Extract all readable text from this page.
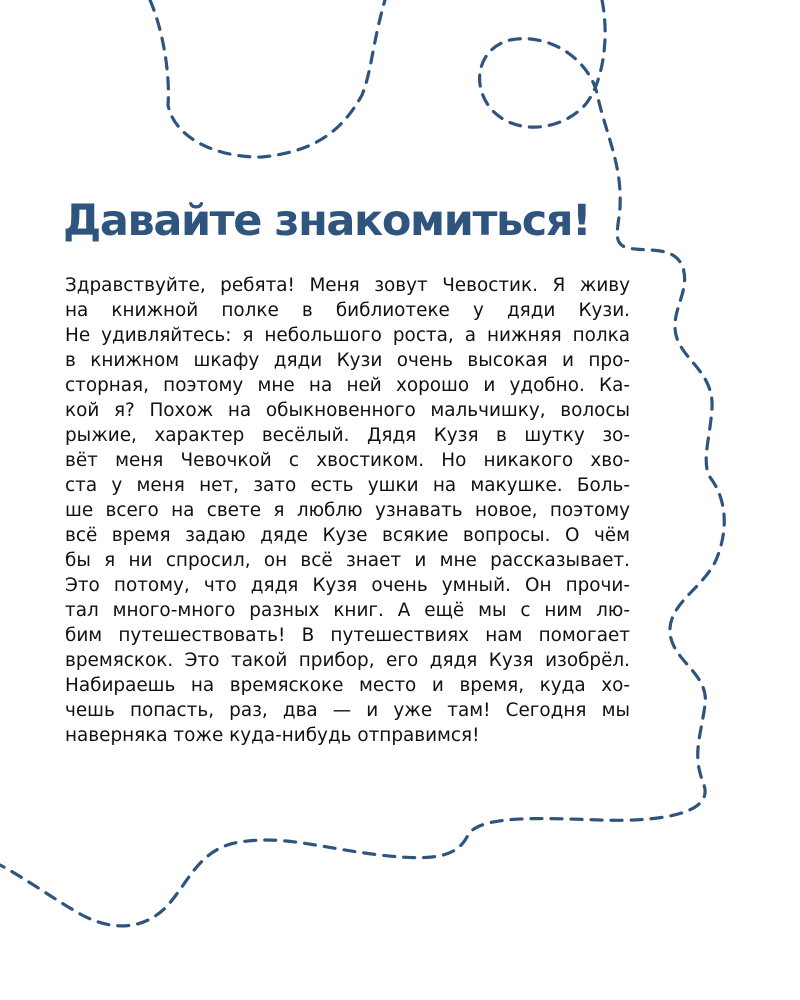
Давайте знакомиться!
Здравствуйте, ребята! Меня зовут Чевостик. Я живу
на книжной полке в библиотеке у дяди Кузи.
Не удивляйтесь: я небольшого роста, а нижняя полка
в книжном шкафу дяди Кузи очень высокая и про-
сторная, поэтому мне на ней хорошо и удобно. Ка-
кой я? Похож на обыкновенного мальчишку, волосы
рыжие, характер весёлый. Дядя Кузя в шутку зо-
вёт меня Чевочкой с хвостиком. Но никакого хво-
ста у меня нет, зато есть ушки на макушке. Боль-
ше всего на свете я люблю узнавать новое, поэтому
всё время задаю дяде Кузе всякие вопросы. О чём
бы я ни спросил, он всё знает и мне рассказывает.
Это потому, что дядя Кузя очень умный. Он прочи-
тал много-много разных книг. А ещё мы с ним лю-
бим путешествовать! В путешествиях нам помогает
времяскок. Это такой прибор, его дядя Кузя изобрёл.
Набираешь на времяскоке место и время, куда хо-
чешь попасть, раз, два — и уже там! Сегодня мы
наверняка тоже куда-нибудь отправимся!
